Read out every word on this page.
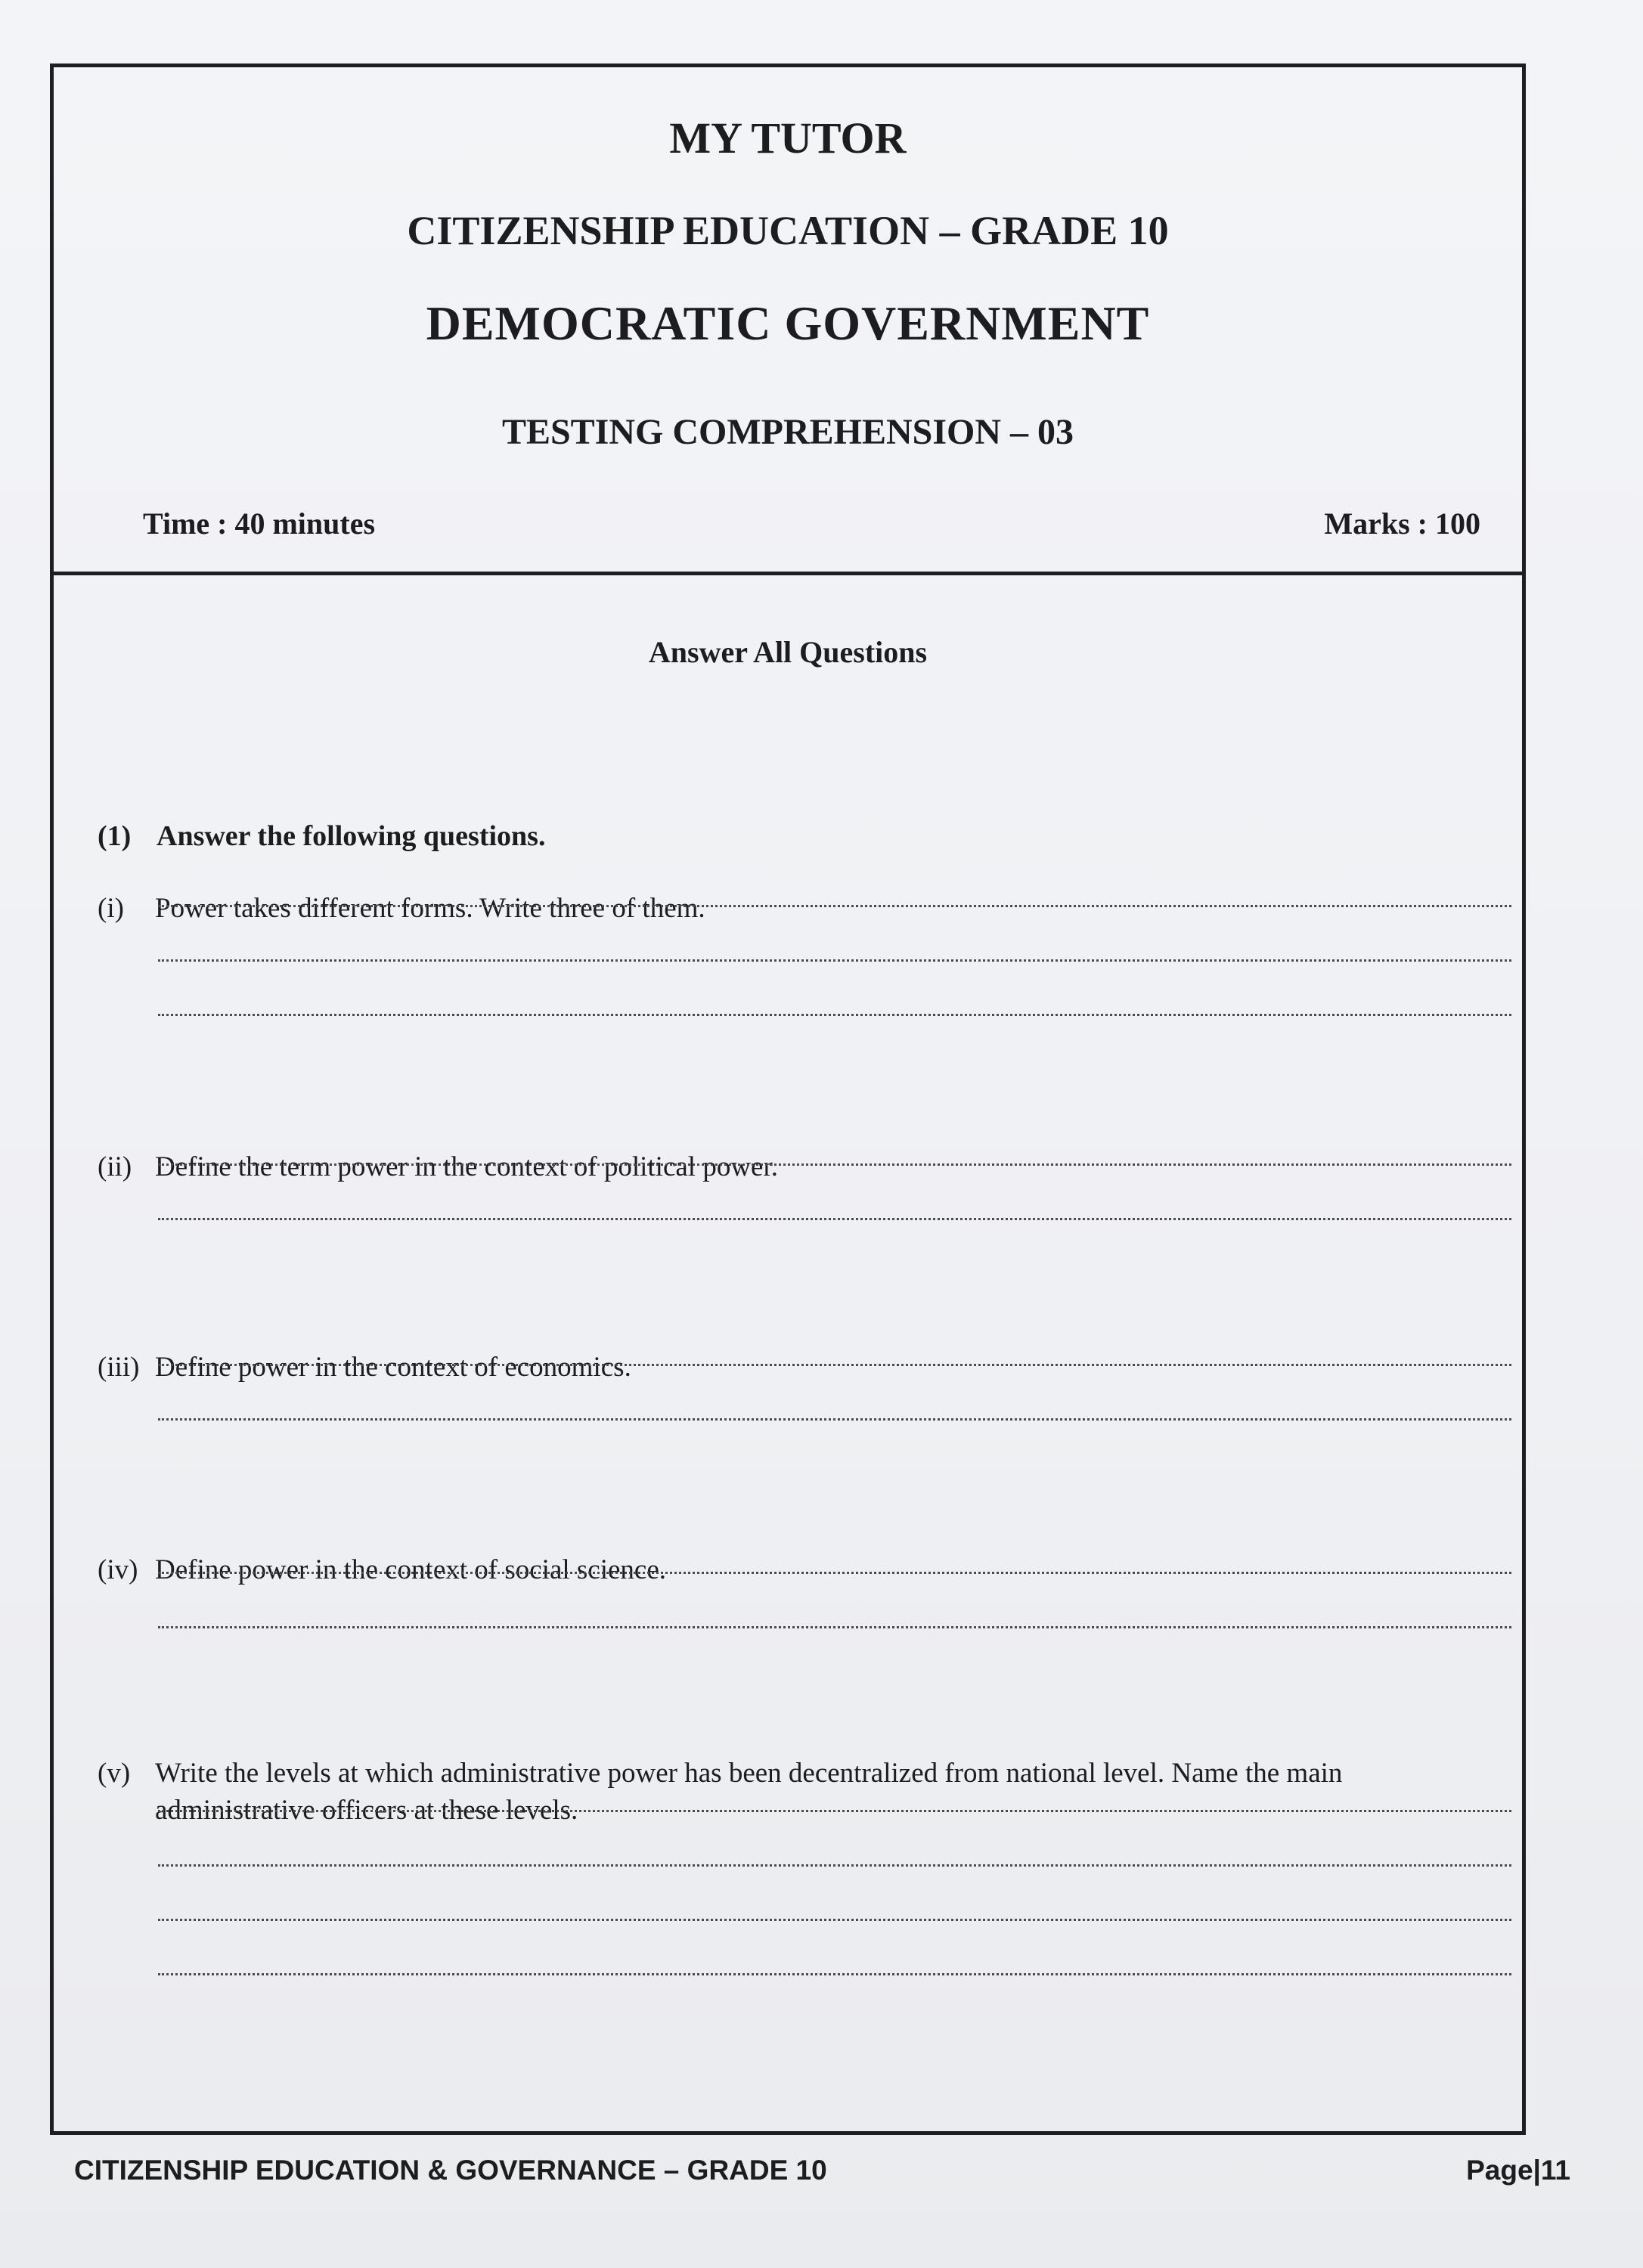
MY TUTOR
CITIZENSHIP EDUCATION – GRADE 10
DEMOCRATIC GOVERNMENT
TESTING COMPREHENSION – 03
Time : 40 minutes	Marks : 100
Answer All Questions
(1) Answer the following questions.
(i) Power takes different forms. Write three of them.
(ii) Define the term power in the context of political power.
(iii) Define power in the context of economics.
(iv) Define power in the context of social science.
(v) Write the levels at which administrative power has been decentralized from national level. Name the main administrative officers at these levels.
CITIZENSHIP EDUCATION & GOVERNANCE – GRADE 10	Page|11
